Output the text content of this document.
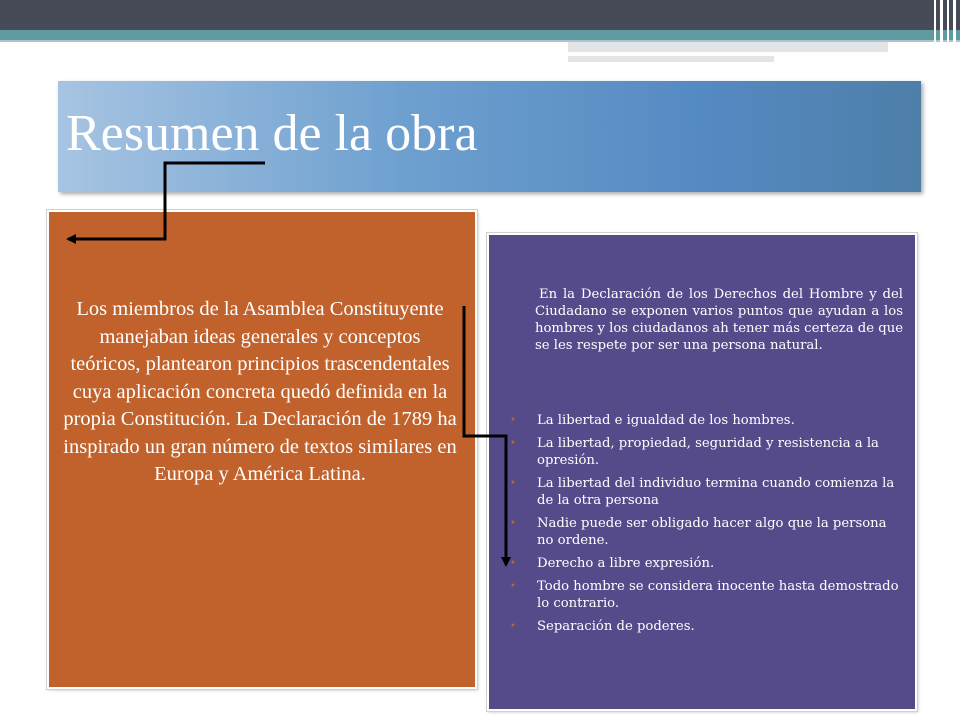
Resumen de la obra
Los miembros de la Asamblea Constituyente manejaban ideas generales y conceptos teóricos, plantearon principios trascendentales cuya aplicación concreta quedó definida en la propia Constitución. La Declaración de 1789 ha inspirado un gran número de textos similares en Europa y América Latina.
En la Declaración de los Derechos del Hombre y del Ciudadano se exponen varios puntos que ayudan a los hombres y los ciudadanos ah tener más certeza de que se les respete por ser una persona natural.
• La libertad e igualdad de los hombres.
• La libertad, propiedad, seguridad y resistencia a la opresión.
• La libertad del individuo termina cuando comienza la de la otra persona
• Nadie puede ser obligado hacer algo que la persona no ordene.
• Derecho a libre expresión.
• Todo hombre se considera inocente hasta demostrado lo contrario.
• Separación de poderes.
